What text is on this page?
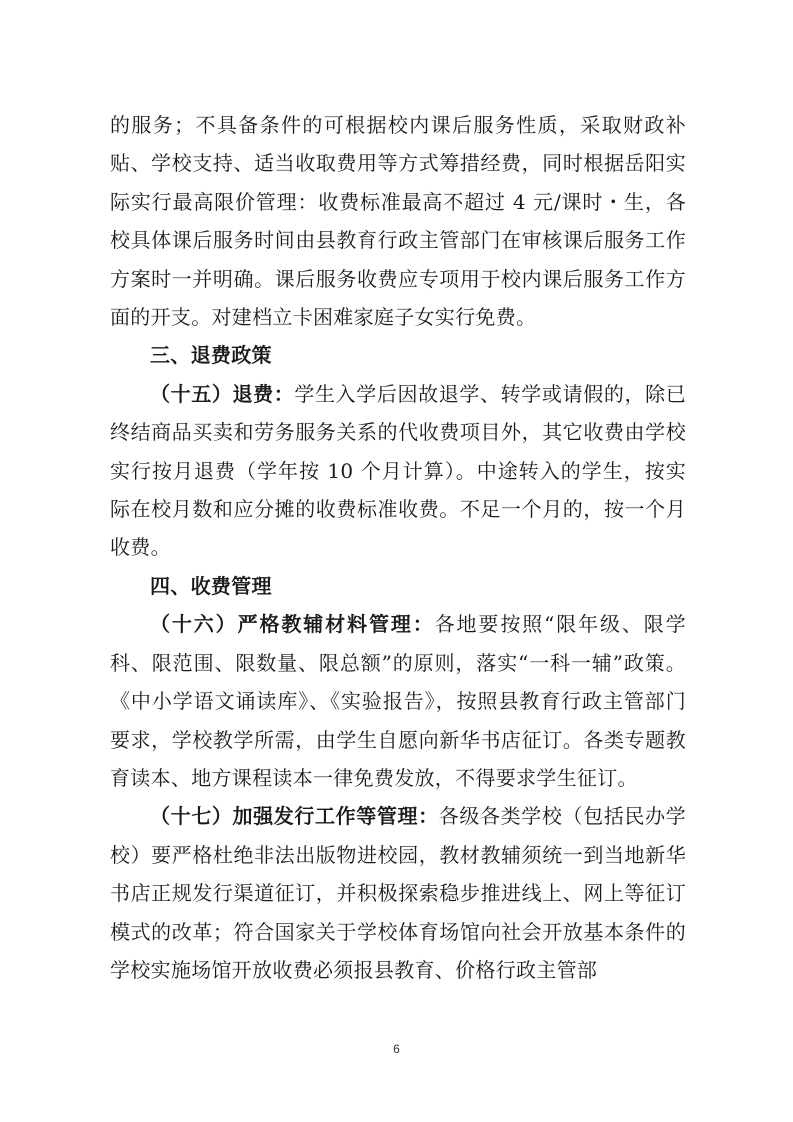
的服务；不具备条件的可根据校内课后服务性质，采取财政补贴、学校支持、适当收取费用等方式筹措经费，同时根据岳阳实际实行最高限价管理：收费标准最高不超过 4 元/课时・生，各校具体课后服务时间由县教育行政主管部门在审核课后服务工作方案时一并明确。课后服务收费应专项用于校内课后服务工作方面的开支。对建档立卡困难家庭子女实行免费。

三、退费政策

（十五）退费：学生入学后因故退学、转学或请假的，除已终结商品买卖和劳务服务关系的代收费项目外，其它收费由学校实行按月退费（学年按 10 个月计算）。中途转入的学生，按实际在校月数和应分摊的收费标准收费。不足一个月的，按一个月收费。

四、收费管理

（十六）严格教辅材料管理：各地要按照“限年级、限学科、限范围、限数量、限总额”的原则，落实“一科一辅”政策。《中小学语文诵读库》、《实验报告》，按照县教育行政主管部门要求，学校教学所需，由学生自愿向新华书店征订。各类专题教育读本、地方课程读本一律免费发放，不得要求学生征订。

（十七）加强发行工作等管理：各级各类学校（包括民办学校）要严格杜绝非法出版物进校园，教材教辅须统一到当地新华书店正规发行渠道征订，并积极探索稳步推进线上、网上等征订模式的改革；符合国家关于学校体育场馆向社会开放基本条件的学校实施场馆开放收费必须报县教育、价格行政主管部

6
